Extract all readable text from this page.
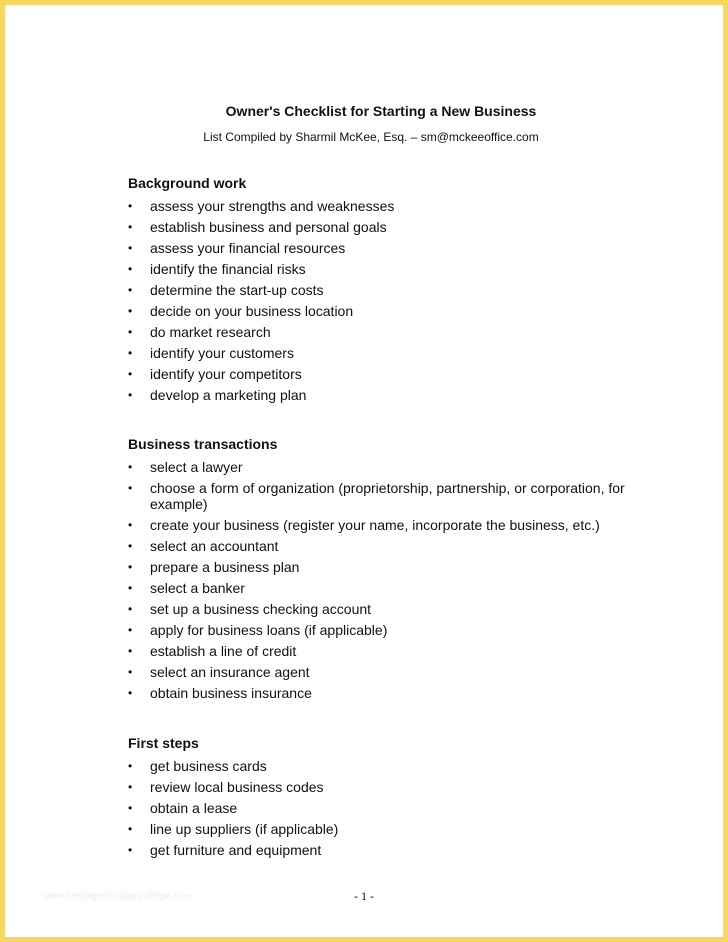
Owner's Checklist for Starting a New Business
List Compiled by Sharmil McKee, Esq. – sm@mckeeoffice.com
Background work
• assess your strengths and weaknesses
• establish business and personal goals
• assess your financial resources
• identify the financial risks
• determine the start-up costs
• decide on your business location
• do market research
• identify your customers
• identify your competitors
• develop a marketing plan
Business transactions
• select a lawyer
• choose a form of organization (proprietorship, partnership, or corporation, for example)
• create your business (register your name, incorporate the business, etc.)
• select an accountant
• prepare a business plan
• select a banker
• set up a business checking account
• apply for business loans (if applicable)
• establish a line of credit
• select an insurance agent
• obtain business insurance
First steps
• get business cards
• review local business codes
• obtain a lease
• line up suppliers (if applicable)
• get furniture and equipment
www.heritagechristiancollege.com	- 1 -
